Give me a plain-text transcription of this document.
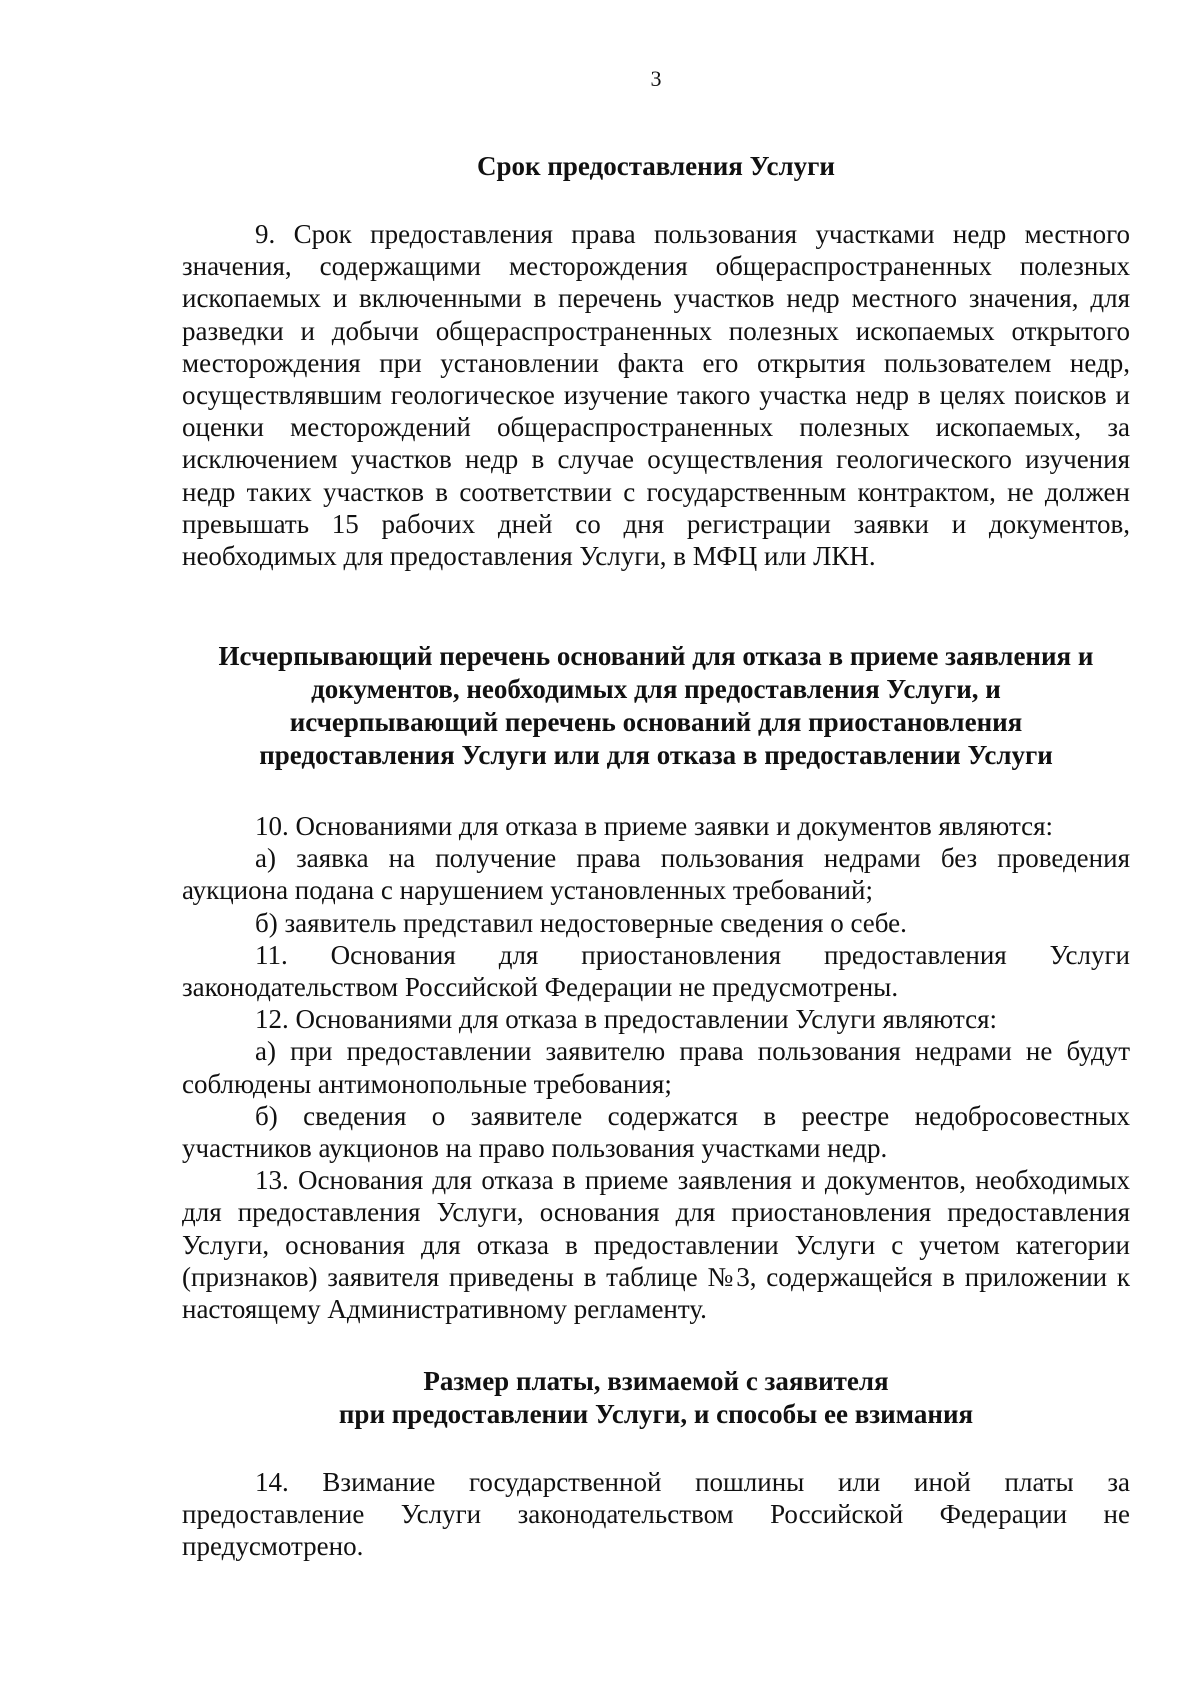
3
Срок предоставления Услуги

9. Срок предоставления права пользования участками недр местного значения, содержащими месторождения общераспространенных полезных ископаемых и включенными в перечень участков недр местного значения, для разведки и добычи общераспространенных полезных ископаемых открытого месторождения при установлении факта его открытия пользователем недр, осуществлявшим геологическое изучение такого участка недр в целях поисков и оценки месторождений общераспространенных полезных ископаемых, за исключением участков недр в случае осуществления геологического изучения недр таких участков в соответствии с государственным контрактом, не должен превышать 15 рабочих дней со дня регистрации заявки и документов, необходимых для предоставления Услуги, в МФЦ или ЛКН.

Исчерпывающий перечень оснований для отказа в приеме заявления и
документов, необходимых для предоставления Услуги, и
исчерпывающий перечень оснований для приостановления
предоставления Услуги или для отказа в предоставлении Услуги

10. Основаниями для отказа в приеме заявки и документов являются:

а) заявка на получение права пользования недрами без проведения аукциона подана с нарушением установленных требований;

б) заявитель представил недостоверные сведения о себе.

11. Основания для приостановления предоставления Услуги законодательством Российской Федерации не предусмотрены.

12. Основаниями для отказа в предоставлении Услуги являются:

а) при предоставлении заявителю права пользования недрами не будут соблюдены антимонопольные требования;

б) сведения о заявителе содержатся в реестре недобросовестных участников аукционов на право пользования участками недр.

13. Основания для отказа в приеме заявления и документов, необходимых для предоставления Услуги, основания для приостановления предоставления Услуги, основания для отказа в предоставлении Услуги с учетом категории (признаков) заявителя приведены в таблице №3, содержащейся в приложении к настоящему Административному регламенту.

Размер платы, взимаемой с заявителя
при предоставлении Услуги, и способы ее взимания

14. Взимание государственной пошлины или иной платы за предоставление Услуги законодательством Российской Федерации не предусмотрено.
